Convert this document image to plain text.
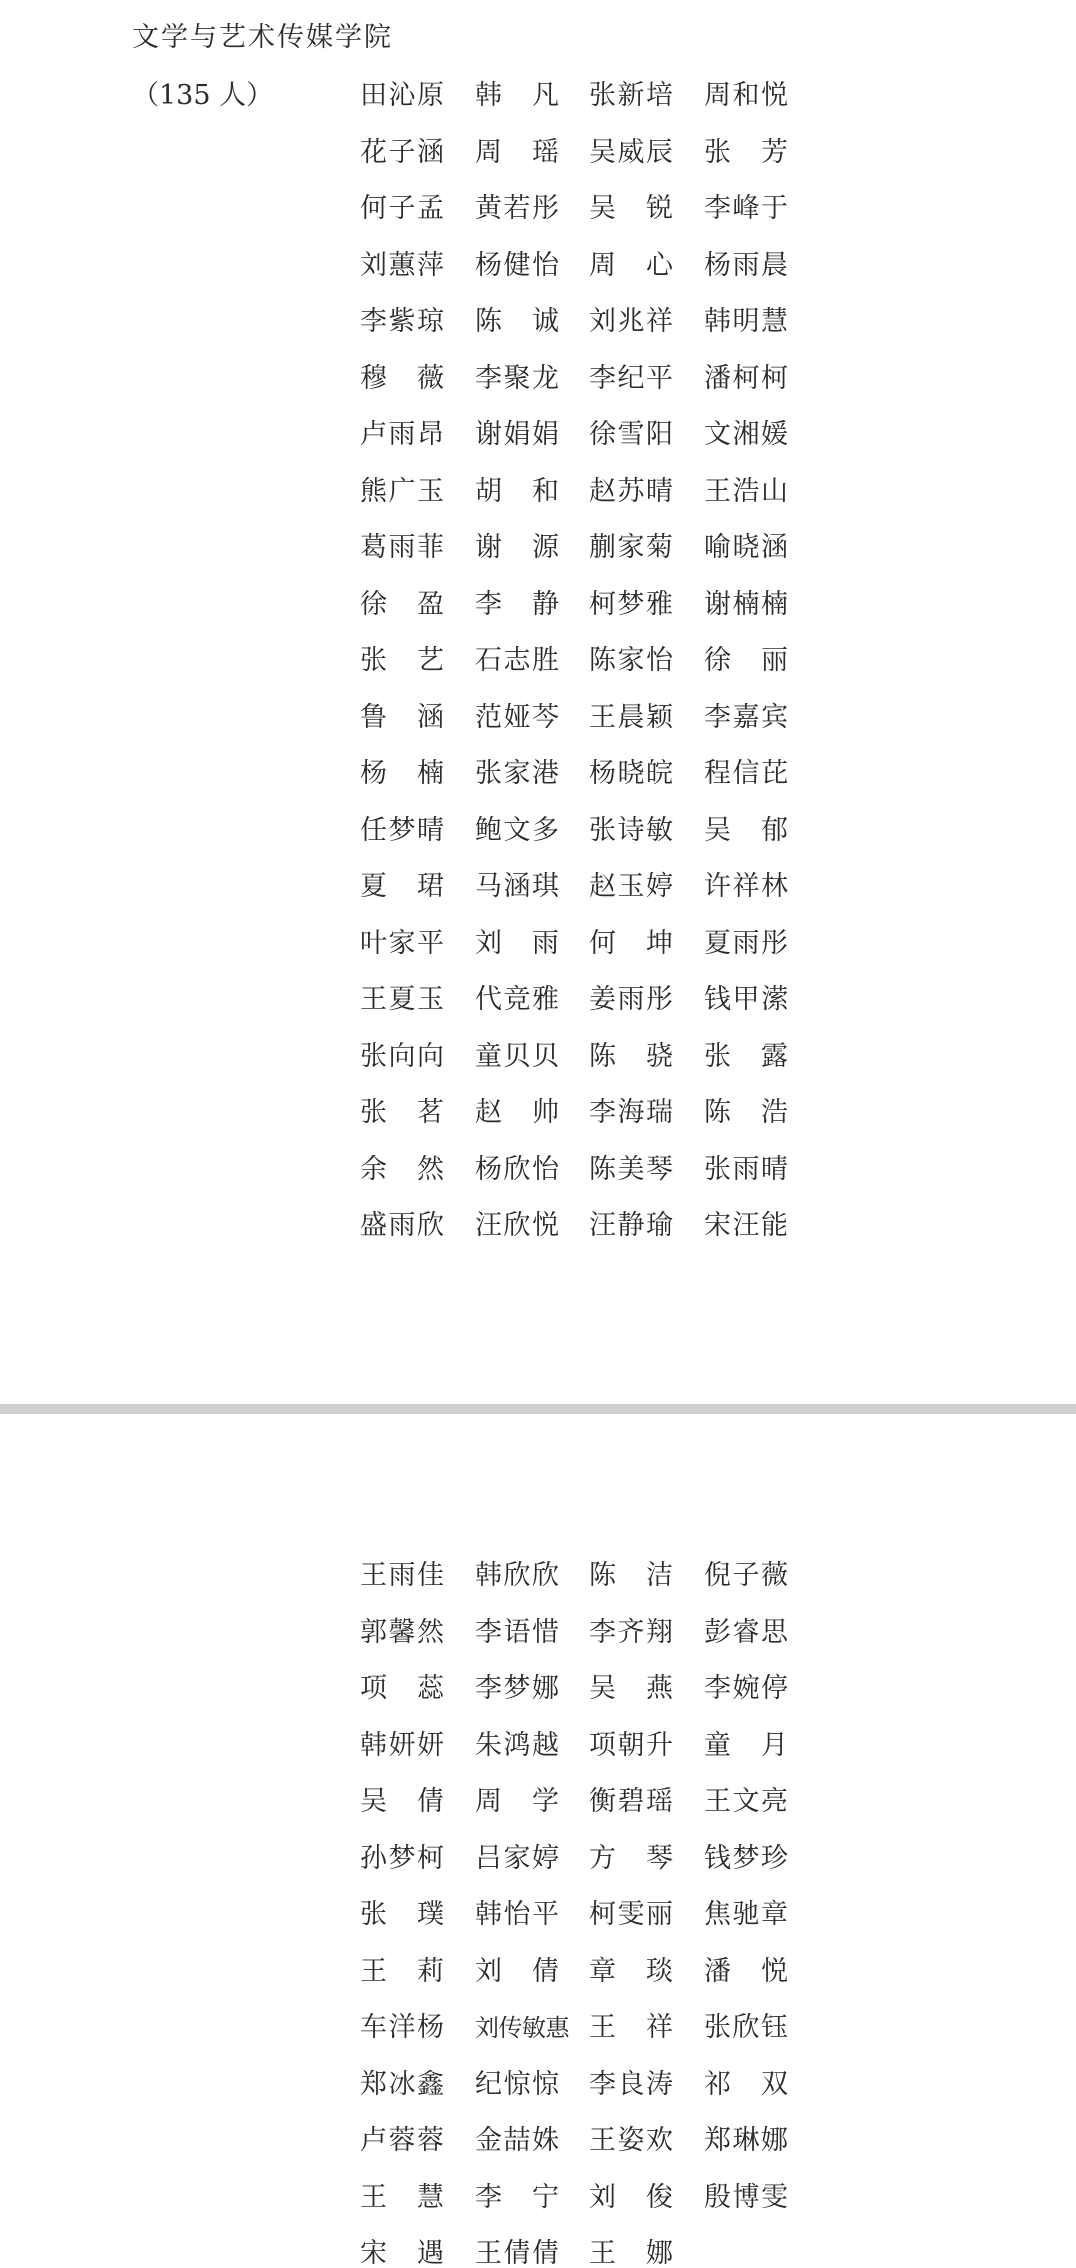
文学与艺术传媒学院
（135 人）	田 沁 原 韩 凡 张 新 培 周 和 悦
花 子 涵 周 瑶 吴 威 辰 张 芳
何 子 孟 黄 若 彤 吴 锐 李 峰 于
刘 蕙 萍 杨 健 怡 周 心 杨 雨 晨
李 紫 琼 陈 诚 刘 兆 祥 韩 明 慧
穆 薇 李 聚 龙 李 纪 平 潘 柯 柯
卢 雨 昂 谢 娟 娟 徐 雪 阳 文 湘 媛
熊 广 玉 胡 和 赵 苏 晴 王 浩 山
葛 雨 菲 谢 源 蒯 家 菊 喻 晓 涵
徐 盈 李 静 柯 梦 雅 谢 楠 楠
张 艺 石 志 胜 陈 家 怡 徐 丽
鲁 涵 范 娅 芩 王 晨 颖 李 嘉 宾
杨 楠 张 家 港 杨 晓 皖 程 信 芘
任 梦 晴 鲍 文 多 张 诗 敏 吴 郁
夏 珺 马 涵 琪 赵 玉 婷 许 祥 林
叶 家 平 刘 雨 何 坤 夏 雨 彤
王 夏 玉 代 竞 雅 姜 雨 彤 钱 甲 潆
张 向 向 童 贝 贝 陈 骁 张 露
张 茗 赵 帅 李 海 瑞 陈 浩
余 然 杨 欣 怡 陈 美 琴 张 雨 晴
盛 雨 欣 汪 欣 悦 汪 静 瑜 宋 汪 能
王 雨 佳 韩 欣 欣 陈 洁 倪 子 薇
郭 馨 然 李 语 惜 李 齐 翔 彭 睿 思
项 蕊 李 梦 娜 吴 燕 李 婉 停
韩 妍 妍 朱 鸿 越 项 朝 升 童 月
吴 倩 周 学 衡 碧 瑶 王 文 亮
孙 梦 柯 吕 家 婷 方 琴 钱 梦 珍
张 璞 韩 怡 平 柯 雯 丽 焦 驰 章
王 莉 刘 倩 章 琰 潘 悦
车 洋 杨 刘 传 敏 惠 王 祥 张 欣 钰
郑 冰 鑫 纪 惊 惊 李 良 涛 祁 双
卢 蓉 蓉 金 喆 姝 王 姿 欢 郑 琳 娜
王 慧 李 宁 刘 俊 殷 博 雯
宋 遇 王 倩 倩 王 娜
